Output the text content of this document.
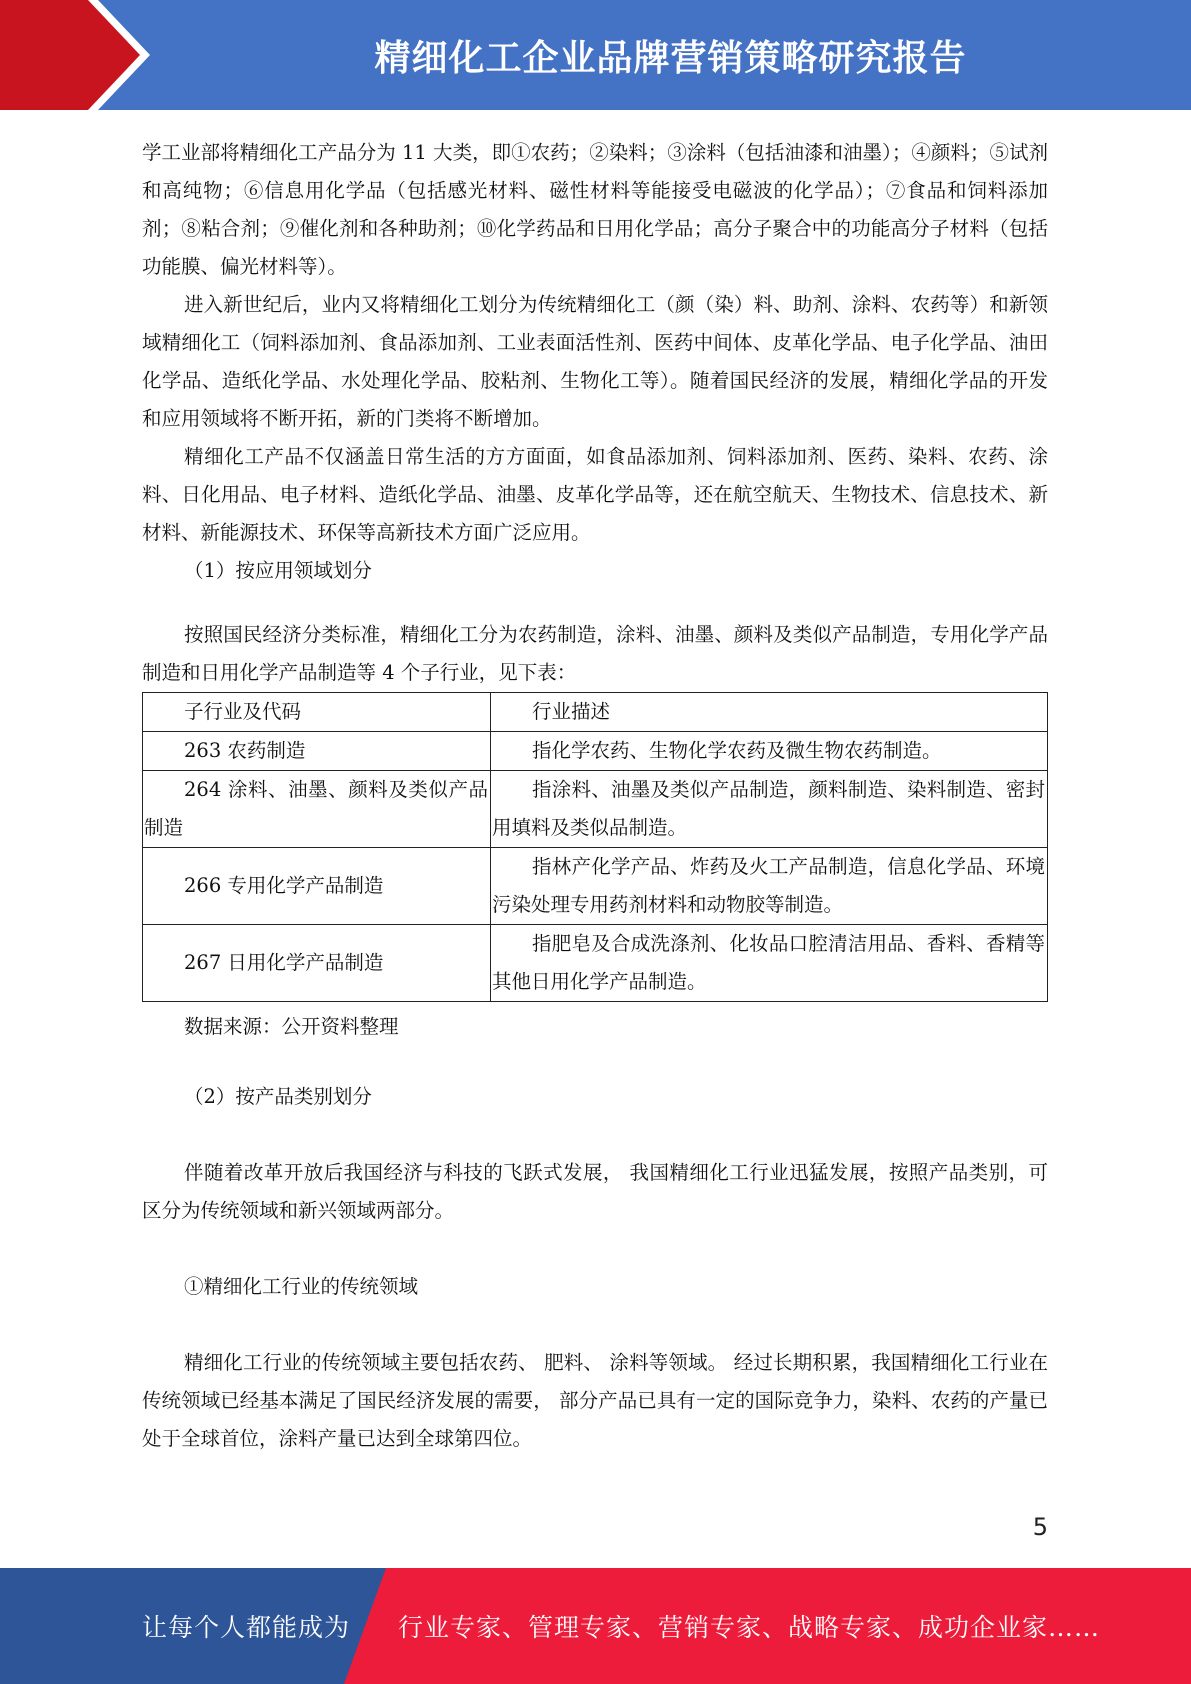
精细化工企业品牌营销策略研究报告

学工业部将精细化工产品分为 11 大类，即①农药；②染料；③涂料（包括油漆和油墨）；④颜料；⑤试剂和高纯物；⑥信息用化学品（包括感光材料、磁性材料等能接受电磁波的化学品）；⑦食品和饲料添加剂；⑧粘合剂；⑨催化剂和各种助剂；⑩化学药品和日用化学品；高分子聚合中的功能高分子材料（包括功能膜、偏光材料等）。

进入新世纪后，业内又将精细化工划分为传统精细化工（颜（染）料、助剂、涂料、农药等）和新领域精细化工（饲料添加剂、食品添加剂、工业表面活性剂、医药中间体、皮革化学品、电子化学品、油田化学品、造纸化学品、水处理化学品、胶粘剂、生物化工等）。随着国民经济的发展，精细化学品的开发和应用领域将不断开拓，新的门类将不断增加。

精细化工产品不仅涵盖日常生活的方方面面，如食品添加剂、饲料添加剂、医药、染料、农药、涂料、日化用品、电子材料、造纸化学品、油墨、皮革化学品等，还在航空航天、生物技术、信息技术、新材料、新能源技术、环保等高新技术方面广泛应用。

（1）按应用领域划分

按照国民经济分类标准，精细化工分为农药制造，涂料、油墨、颜料及类似产品制造，专用化学产品制造和日用化学产品制造等 4 个子行业，见下表：

子行业及代码	行业描述
263 农药制造	指化学农药、生物化学农药及微生物农药制造。
264 涂料、油墨、颜料及类似产品制造	指涂料、油墨及类似产品制造，颜料制造、染料制造、密封用填料及类似品制造。
266 专用化学产品制造	指林产化学产品、炸药及火工产品制造，信息化学品、环境污染处理专用药剂材料和动物胶等制造。
267 日用化学产品制造	指肥皂及合成洗涤剂、化妆品口腔清洁用品、香料、香精等其他日用化学产品制造。

数据来源：公开资料整理

（2）按产品类别划分

伴随着改革开放后我国经济与科技的飞跃式发展， 我国精细化工行业迅猛发展，按照产品类别，可区分为传统领域和新兴领域两部分。

①精细化工行业的传统领域

精细化工行业的传统领域主要包括农药、 肥料、 涂料等领域。 经过长期积累，我国精细化工行业在传统领域已经基本满足了国民经济发展的需要， 部分产品已具有一定的国际竞争力，染料、农药的产量已处于全球首位，涂料产量已达到全球第四位。

5
让每个人都能成为 行业专家、管理专家、营销专家、战略专家、成功企业家……
